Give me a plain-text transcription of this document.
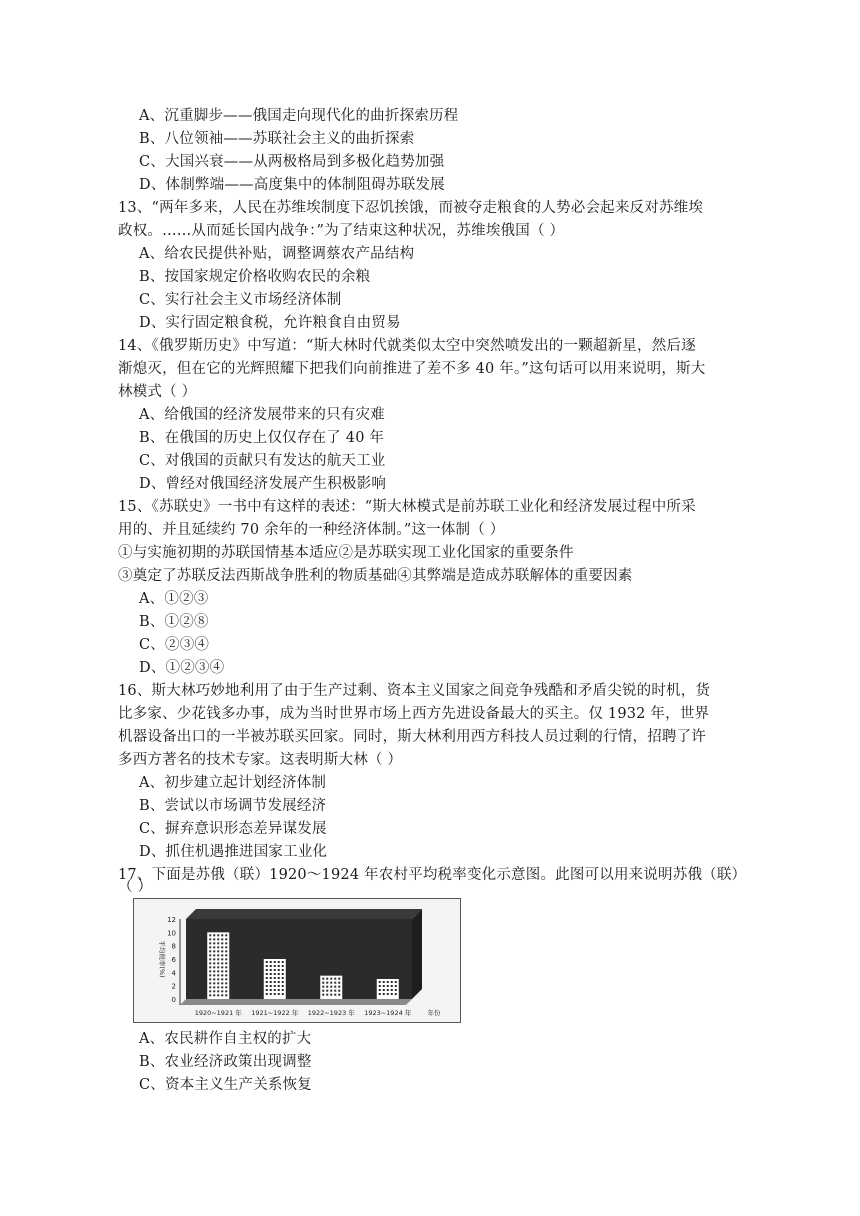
A、沉重脚步——俄国走向现代化的曲折探索历程
B、八位领袖——苏联社会主义的曲折探索
C、大国兴衰——从两极格局到多极化趋势加强
D、体制弊端——高度集中的体制阻碍苏联发展
13、“两年多来，人民在苏维埃制度下忍饥挨饿，而被夺走粮食的人势必会起来反对苏维埃
政权。……从而延长国内战争：”为了结束这种状况，苏维埃俄国（ ）
A、给农民提供补贴，调整调蔡农产品结构
B、按国家规定价格收购农民的余粮
C、实行社会主义市场经济体制
D、实行固定粮食税，允许粮食自由贸易
14、《俄罗斯历史》中写道：“斯大林时代就类似太空中突然喷发出的一颗超新星，然后逐
渐熄灭，但在它的光辉照耀下把我们向前推进了差不多 40 年。”这句话可以用来说明，斯大
林模式（ ）
A、给俄国的经济发展带来的只有灾难
B、在俄国的历史上仅仅存在了 40 年
C、对俄国的贡献只有发达的航天工业
D、曾经对俄国经济发展产生积极影响
15、《苏联史》一书中有这样的表述：“斯大林模式是前苏联工业化和经济发展过程中所采
用的、并且延续约 70 余年的一种经济体制。”这一体制（ ）
①与实施初期的苏联国情基本适应②是苏联实现工业化国家的重要条件
③奠定了苏联反法西斯战争胜利的物质基础④其弊端是造成苏联解体的重要因素
A、①②③
B、①②⑧
C、②③④
D、①②③④
16、斯大林巧妙地利用了由于生产过剩、资本主义国家之间竞争残酷和矛盾尖锐的时机，货
比多家、少花钱多办事，成为当时世界市场上西方先进设备最大的买主。仅 1932 年，世界
机器设备出口的一半被苏联买回家。同时，斯大林利用西方科技人员过剩的行情，招聘了许
多西方著名的技术专家。这表明斯大林（ ）
A、初步建立起计划经济体制
B、尝试以市场调节发展经济
C、摒弃意识形态差异谋发展
D、抓住机遇推进国家工业化
17、下面是苏俄（联）1920～1924 年农村平均税率变化示意图。此图可以用来说明苏俄（联）
（ ）
0
2
4
6
8
10
12
平均税率(%)
1920~1921 年 1921~1922 年 1922~1923 年 1923~1924 年 年份
A、农民耕作自主权的扩大
B、农业经济政策出现调整
C、资本主义生产关系恢复
